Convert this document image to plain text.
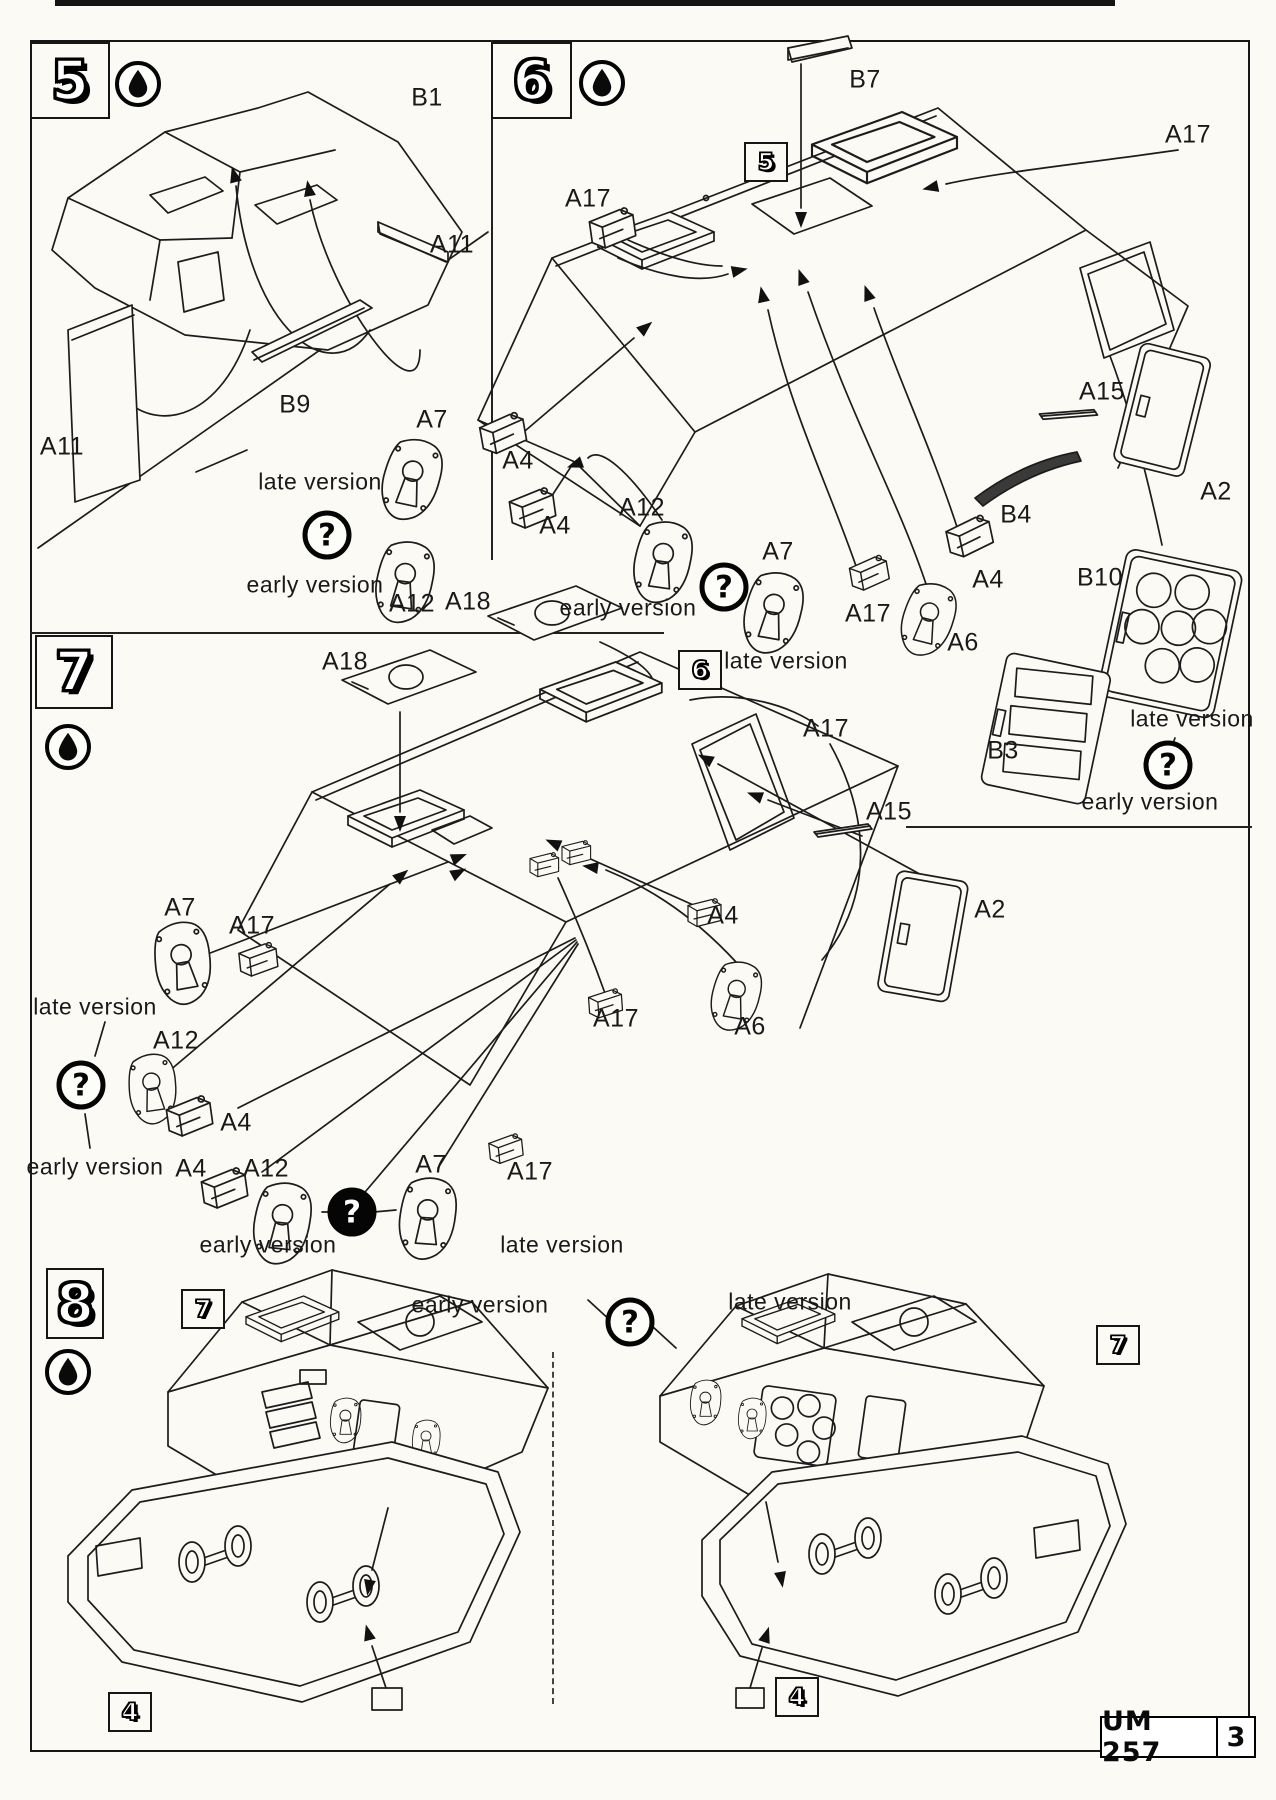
5	B1
A11
A11
B9
A7
late version
?
early version
A12
6	B7
5
A17
A17
A4
A4
A12
A7
?
early version
late version
A17
A6
A4
B4
A15
A2
B10
late version
?
early version
B3
7
A18
A18	6
A17
A7
A17
late version
A12
?
early version
A4
A4 A12
?
A7 A17
early version	late version
A4
A17	A6
A15
A2
8	7	early version	?
late version
7
4
4
UM 257	3
